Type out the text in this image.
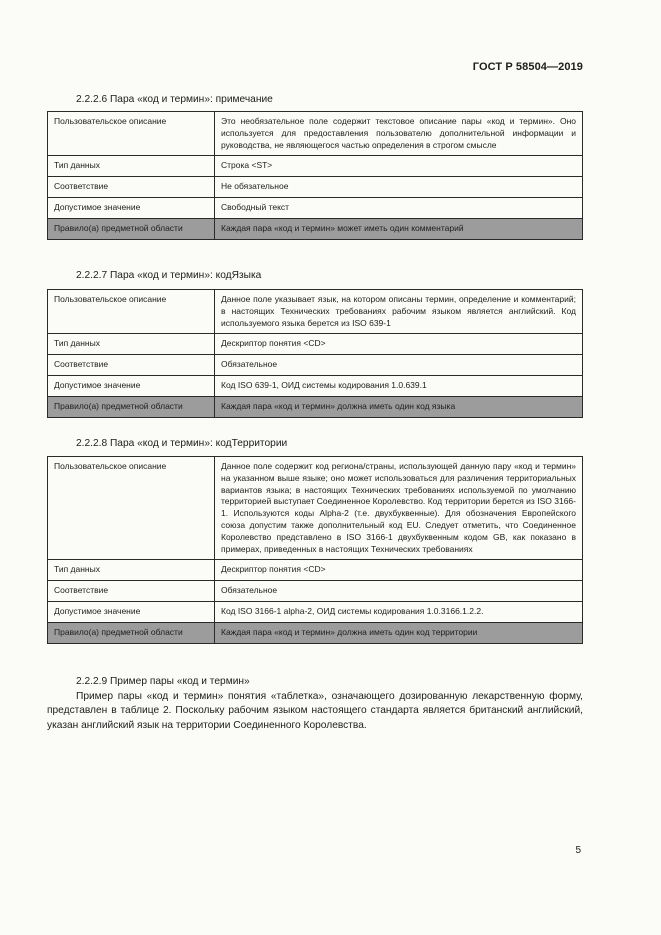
ГОСТ Р 58504—2019
2.2.2.6 Пара «код и термин»: примечание
Пользовательское описание	Это необязательное поле содержит текстовое описание пары «код и термин». Оно используется для предоставления пользователю дополнительной информации и руководства, не являющегося частью определения в строгом смысле
Тип данных	Строка <ST>
Соответствие	Не обязательное
Допустимое значение	Свободный текст
Правило(а) предметной области	Каждая пара «код и термин» может иметь один комментарий
2.2.2.7 Пара «код и термин»: кодЯзыка
Пользовательское описание	Данное поле указывает язык, на котором описаны термин, определение и комментарий; в настоящих Технических требованиях рабочим языком является английский. Код используемого языка берется из ISO 639-1
Тип данных	Дескриптор понятия <CD>
Соответствие	Обязательное
Допустимое значение	Код ISO 639-1, ОИД системы кодирования 1.0.639.1
Правило(а) предметной области	Каждая пара «код и термин» должна иметь один код языка
2.2.2.8 Пара «код и термин»: кодТерритории
Пользовательское описание	Данное поле содержит код региона/страны, использующей данную пару «код и термин» на указанном выше языке; оно может использоваться для различения территориальных вариантов языка; в настоящих Технических требованиях используемой по умолчанию территорией выступает Соединенное Королевство. Код территории берется из ISO 3166-1. Используются коды Alpha-2 (т.е. двухбуквенные). Для обозначения Европейского союза допустим также дополнительный код EU. Следует отметить, что Соединенное Королевство представлено в ISO 3166-1 двухбуквенным кодом GB, как показано в примерах, приведенных в настоящих Технических требованиях
Тип данных	Дескриптор понятия <CD>
Соответствие	Обязательное
Допустимое значение	Код ISO 3166-1 alpha-2, ОИД системы кодирования 1.0.3166.1.2.2.
Правило(а) предметной области	Каждая пара «код и термин» должна иметь один код территории

2.2.2.9 Пример пары «код и термин»

Пример пары «код и термин» понятия «таблетка», означающего дозированную лекарственную форму, представлен в таблице 2. Поскольку рабочим языком настоящего стандарта является британский английский, указан английский язык на территории Соединенного Королевства.

5
